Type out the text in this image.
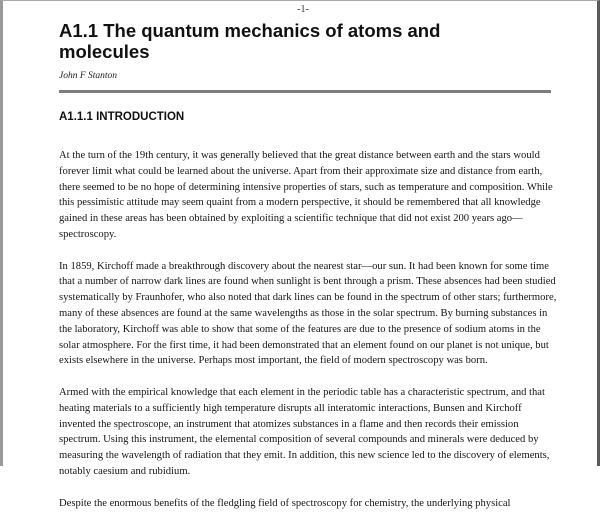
-1-
A1.1 The quantum mechanics of atoms and molecules
John F Stanton
A1.1.1 INTRODUCTION

At the turn of the 19th century, it was generally believed that the great distance between earth and the stars would forever limit what could be learned about the universe. Apart from their approximate size and distance from earth, there seemed to be no hope of determining intensive properties of stars, such as temperature and composition. While this pessimistic attitude may seem quaint from a modern perspective, it should be remembered that all knowledge gained in these areas has been obtained by exploiting a scientific technique that did not exist 200 years ago—spectroscopy.

In 1859, Kirchoff made a breakthrough discovery about the nearest star—our sun. It had been known for some time that a number of narrow dark lines are found when sunlight is bent through a prism. These absences had been studied systematically by Fraunhofer, who also noted that dark lines can be found in the spectrum of other stars; furthermore, many of these absences are found at the same wavelengths as those in the solar spectrum. By burning substances in the laboratory, Kirchoff was able to show that some of the features are due to the presence of sodium atoms in the solar atmosphere. For the first time, it had been demonstrated that an element found on our planet is not unique, but exists elsewhere in the universe. Perhaps most important, the field of modern spectroscopy was born.

Armed with the empirical knowledge that each element in the periodic table has a characteristic spectrum, and that heating materials to a sufficiently high temperature disrupts all interatomic interactions, Bunsen and Kirchoff invented the spectroscope, an instrument that atomizes substances in a flame and then records their emission spectrum. Using this instrument, the elemental composition of several compounds and minerals were deduced by measuring the wavelength of radiation that they emit. In addition, this new science led to the discovery of elements, notably caesium and rubidium.

Despite the enormous benefits of the fledgling field of spectroscopy for chemistry, the underlying physical
